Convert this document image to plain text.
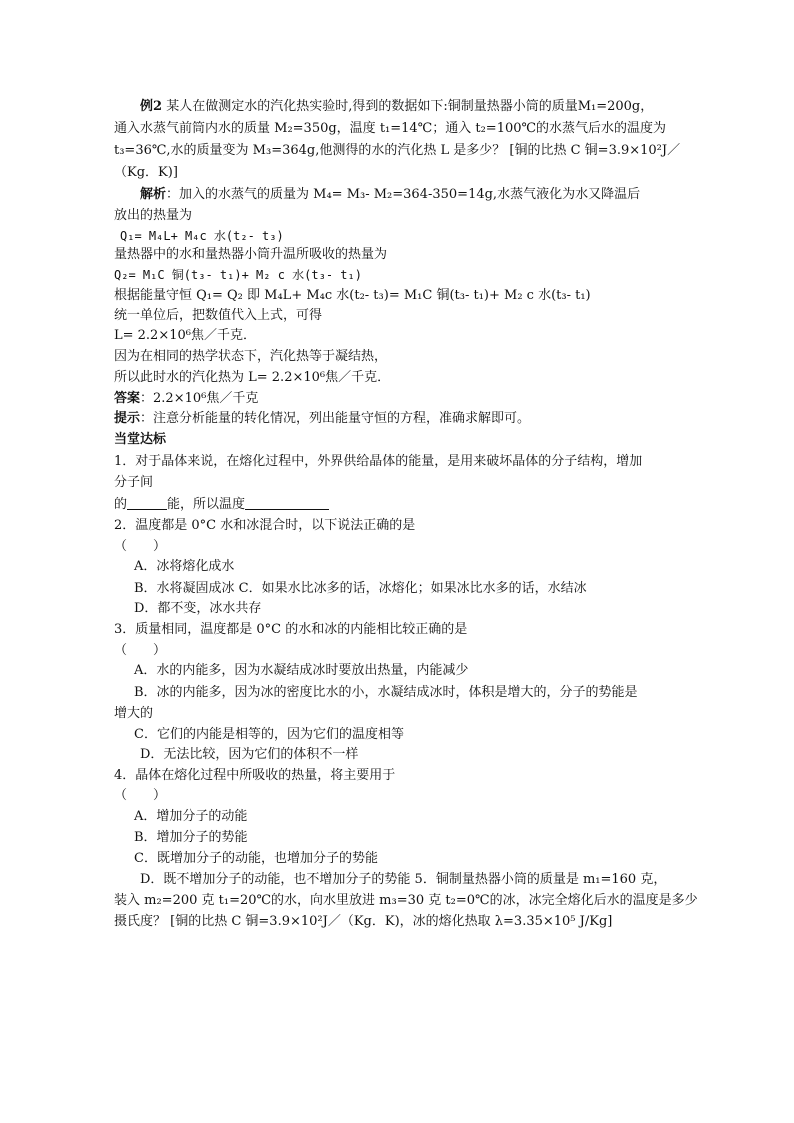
例2 某人在做测定水的汽化热实验时,得到的数据如下:铜制量热器小筒的质量M₁=200g，
通入水蒸气前筒内水的质量 M₂=350g，温度 t₁=14℃；通入 t₂=100℃的水蒸气后水的温度为
t₃=36℃,水的质量变为 M₃=364g,他测得的水的汽化热 L 是多少？ [铜的比热 C 铜=3.9×10²J／
（Kg．K)]
解析：加入的水蒸气的质量为 M₄= M₃- M₂=364-350=14g,水蒸气液化为水又降温后
放出的热量为
Q₁= M₄L+ M₄c 水(t₂- t₃)
量热器中的水和量热器小筒升温所吸收的热量为
Q₂= M₁C 铜(t₃- t₁)+ M₂ c 水(t₃- t₁)
根据能量守恒 Q₁= Q₂ 即 M₄L+ M₄c 水(t₂- t₃)= M₁C 铜(t₃- t₁)+ M₂ c 水(t₃- t₁)
统一单位后，把数值代入上式，可得
L= 2.2×10⁶焦／千克．
因为在相同的热学状态下，汽化热等于凝结热，
所以此时水的汽化热为 L= 2.2×10⁶焦／千克．
答案：2.2×10⁶焦／千克
提示：注意分析能量的转化情况，列出能量守恒的方程，准确求解即可。
当堂达标
1．对于晶体来说，在熔化过程中，外界供给晶体的能量，是用来破坏晶体的分子结构，增加
分子间
的	能，所以温度
2．温度都是 0°C 水和冰混合时，以下说法正确的是
（　　）
A．冰将熔化成水
B．水将凝固成冰 C．如果水比冰多的话，冰熔化；如果冰比水多的话，水结冰
D．都不变，冰水共存
3．质量相同，温度都是 0°C 的水和冰的内能相比较正确的是
（　　）
A．水的内能多，因为水凝结成冰时要放出热量，内能减少
B．冰的内能多，因为冰的密度比水的小，水凝结成冰时，体积是增大的，分子的势能是
增大的
C．它们的内能是相等的，因为它们的温度相等
D．无法比较，因为它们的体积不一样
4．晶体在熔化过程中所吸收的热量，将主要用于
（　　）
A．增加分子的动能
B．增加分子的势能
C．既增加分子的动能，也增加分子的势能
D．既不增加分子的动能，也不增加分子的势能 5．铜制量热器小筒的质量是 m₁=160 克，
装入 m₂=200 克 t₁=20℃的水，向水里放进 m₃=30 克 t₂=0℃的冰，冰完全熔化后水的温度是多少
摄氏度？ [铜的比热 C 铜=3.9×10²J／（Kg．K)，冰的熔化热取 λ=3.35×10⁵ J/Kg]
